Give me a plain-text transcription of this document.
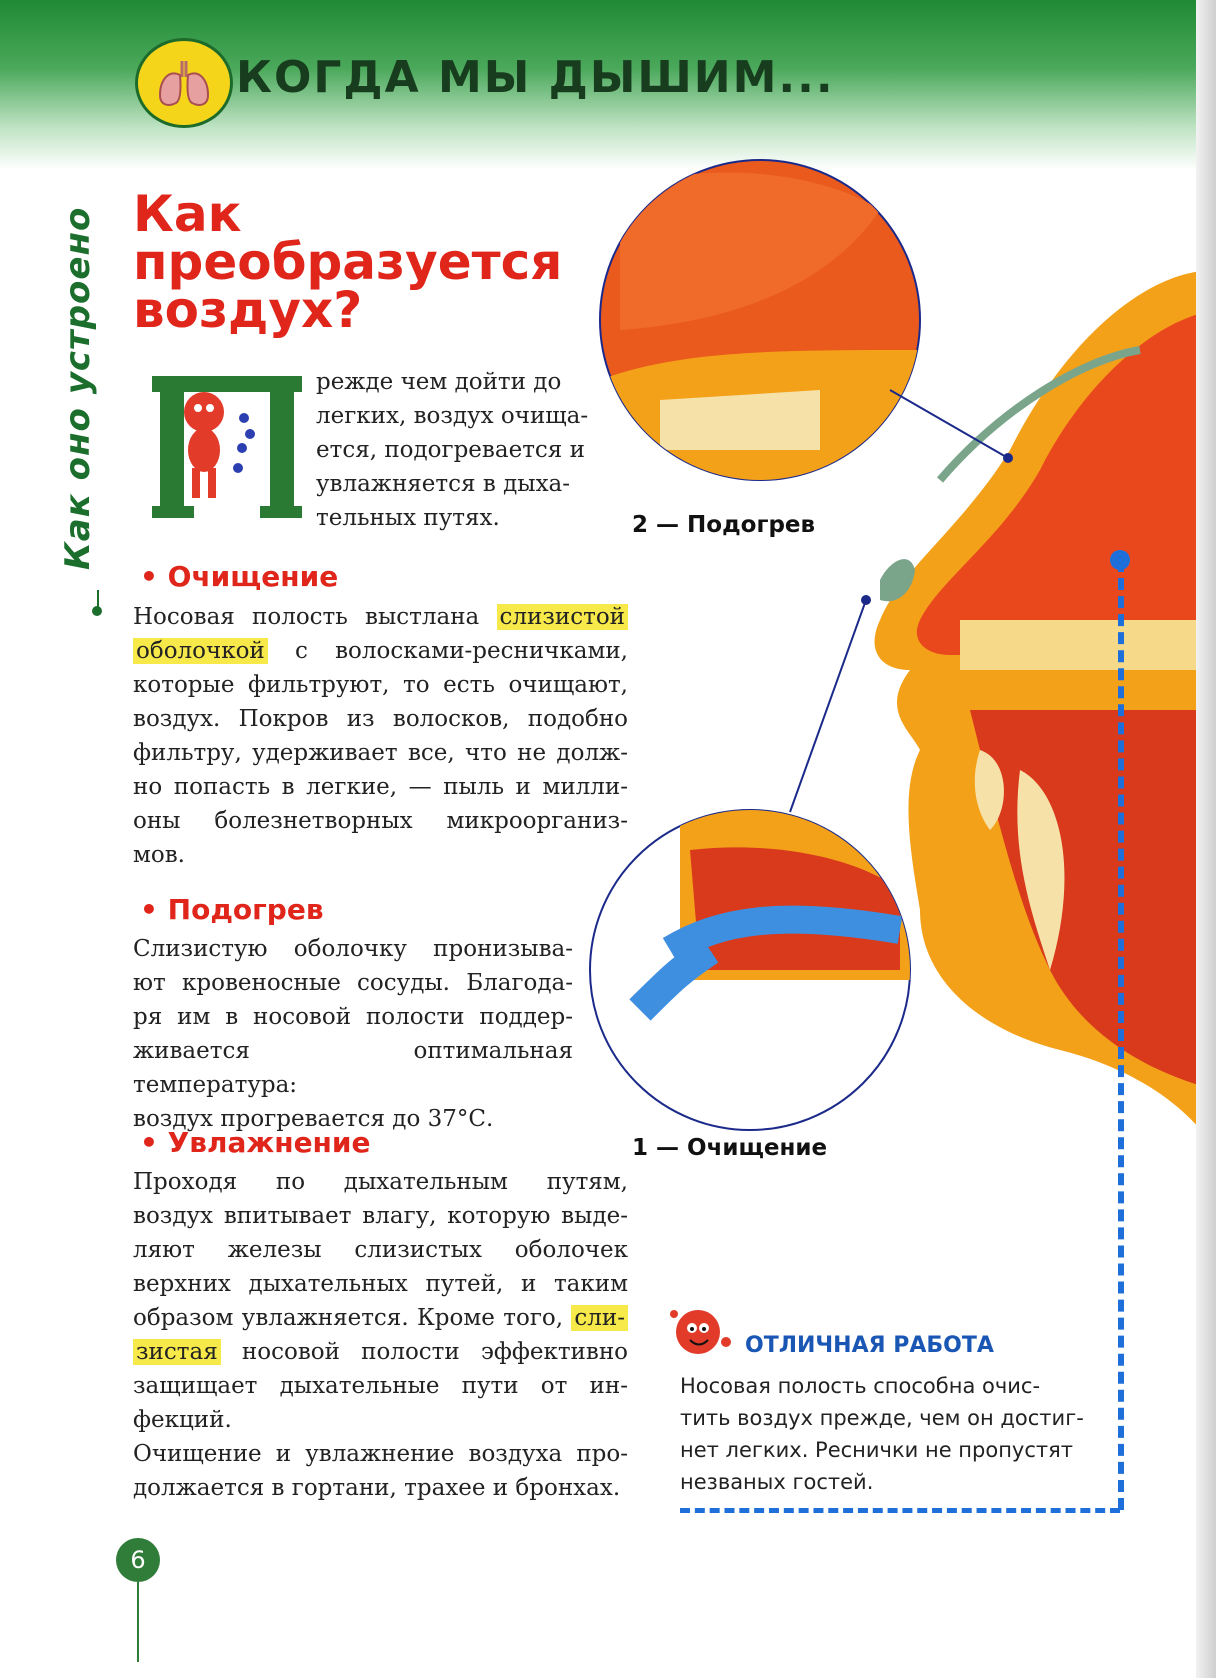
КОГДА МЫ ДЫШИМ...
Как оно устроено Как
преобразуется
воздух?
П	режде чем дойти до
легких, воздух очища-
ется, подогревается и
увлажняется в дыха-
тельных путях.
• Очищение
Носовая полость выстлана слизистой
оболочкой с волосками-ресничками,
которые фильтруют, то есть очищают,
воздух. Покров из волосков, подобно
фильтру, удерживает все, что не долж-
но попасть в легкие, — пыль и милли-
оны болезнетворных микроорганиз-
мов.
• Подогрев
Слизистую оболочку пронизыва-
ют кровеносные сосуды. Благода-
ря им в носовой полости поддер-
живается оптимальная температура:
воздух прогревается до 37°С.
• Увлажнение
Проходя по дыхательным путям,
воздух впитывает влагу, которую выде-
ляют железы слизистых оболочек
верхних дыхательных путей, и таким
образом увлажняется. Кроме того, сли-
зистая носовой полости эффективно
защищает дыхательные пути от ин-
фекций.
Очищение и увлажнение воздуха про-
должается в гортани, трахее и бронхах.

2 — Подогрев

1 — Очищение

ОТЛИЧНАЯ РАБОТА
Носовая полость способна очис-
тить воздух прежде, чем он достиг-
нет легких. Реснички не пропустят
незваных гостей.
6
